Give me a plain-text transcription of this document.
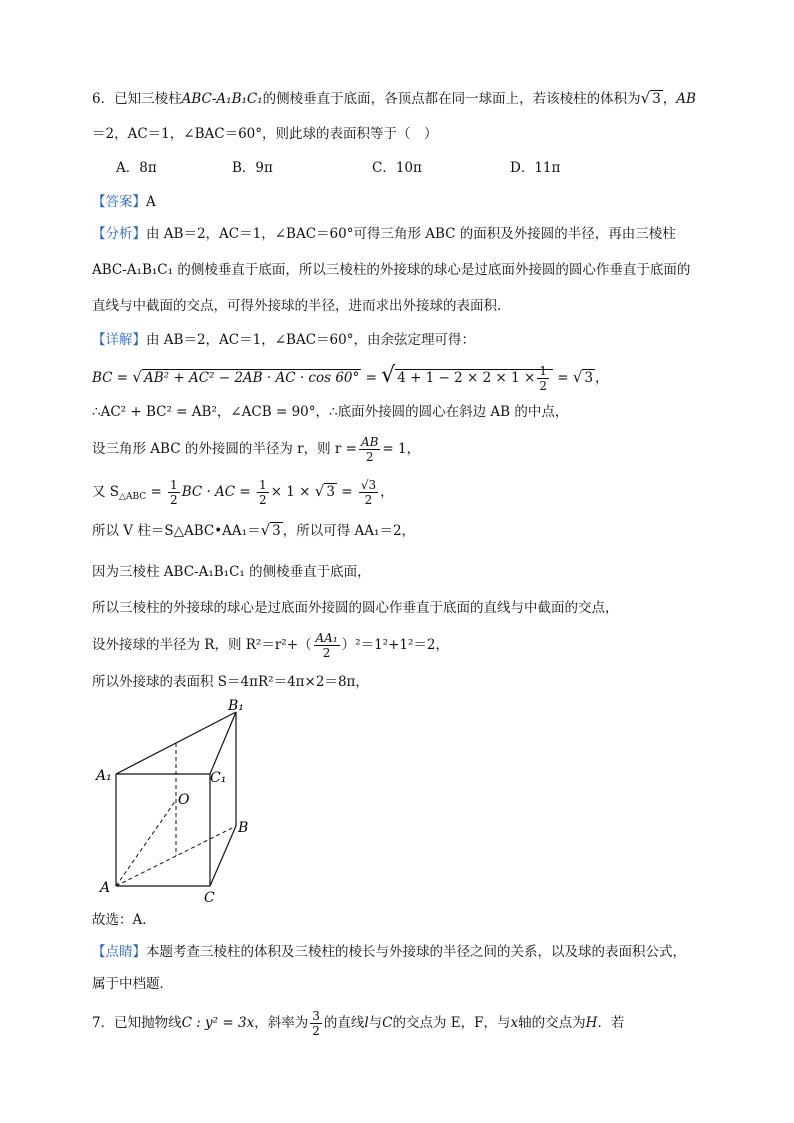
6．已知三棱柱ABC-A₁B₁C₁的侧棱垂直于底面，各顶点都在同一球面上，若该棱柱的体积为√ 3 ，AB
＝2，AC＝1，∠BAC＝60°，则此球的表面积等于（　）
A．8π	B．9π	C．10π	D．11π
【答案】A
【分析】由 AB＝2，AC＝1，∠BAC＝60°可得三角形 ABC 的面积及外接圆的半径，再由三棱柱
ABC-A₁B₁C₁ 的侧棱垂直于底面，所以三棱柱的外接球的球心是过底面外接圆的圆心作垂直于底面的
直线与中截面的交点，可得外接球的半径，进而求出外接球的表面积．
【详解】由 AB＝2，AC＝1，∠BAC＝60°，由余弦定理可得：
BC = √ AB² + AC² − 2AB · AC · cos 60° = √ $4 + 1 - 2 \times 2 \times 1 \times \frac{1}{2}$ = √ 3 ，
∴AC² + BC² = AB²，∠ACB = 90°，∴底面外接圆的圆心在斜边 AB 的中点，
设三角形 ABC 的外接圆的半径为 r，则 $r = \frac{AB}{2} = 1$，
又 $S_{\triangle ABC} = \frac{1}{2}$ BC · AC = $\frac{1}{2} \times 1$ × √ $3 = \frac{√3}{2}$ ，
所以 V 柱＝S△ABC•AA₁＝√ 3 ，所以可得 AA₁＝2，
因为三棱柱 ABC-A₁B₁C₁ 的侧棱垂直于底面，
所以三棱柱的外接球的球心是过底面外接圆的圆心作垂直于底面的直线与中截面的交点，
设外接球的半径为 R，则 $R^2=r^2+( \frac{\text{AA₁}}{2} )^2=1^2+1^2=2$，
所以外接球的表面积 S＝4πR²＝4π×2＝8π，
A₁
B₁
C₁
A
B
C
O
故选：A．
【点睛】本题考查三棱柱的体积及三棱柱的棱长与外接球的半径之间的关系，以及球的表面积公式，
属于中档题．
7．已知抛物线C : y² = 3x，斜率为 $\frac{3}{2}$ 的直线l与C的交点为 E，F，与x轴的交点为H．若
